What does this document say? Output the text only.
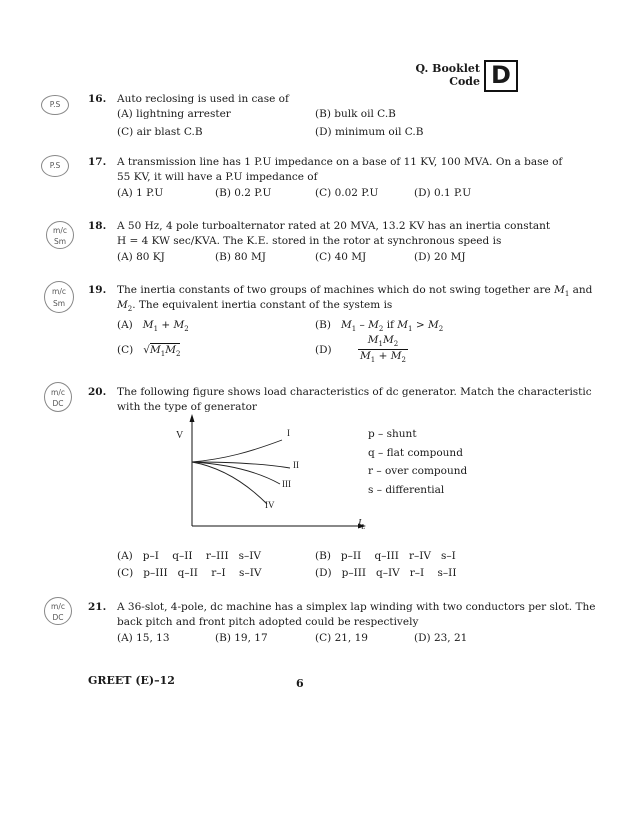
Q. Booklet
Code D
P.S
P.S
m/c
Sm
m/c
Sm
m/c
DC
m/c
DC
16. Auto reclosing is used in case of
(A) lightning arrester	(B) bulk oil C.B
(C) air blast C.B	(D) minimum oil C.B
17. A transmission line has 1 P.U impedance on a base of 11 KV, 100 MVA. On a base of
55 KV, it will have a P.U impedance of
(A) 1 P.U	(B) 0.2 P.U	(C) 0.02 P.U	(D) 0.1 P.U
18. A 50 Hz, 4 pole turboalternator rated at 20 MVA, 13.2 KV has an inertia constant
H = 4 KW sec/KVA. The K.E. stored in the rotor at synchronous speed is
(A) 80 KJ	(B) 80 MJ	(C) 40 MJ	(D) 20 MJ
19. The inertia constants of two groups of machines which do not swing together are $M_1$ and
$M_2$. The equivalent inertia constant of the system is
(A) $M_1 + M_2$	(B) $M_1 - M_2$ if $M_1 > M_2$
(C) $√M_1M_2$	(D)	$\frac{M_1M_2}{M_1 + M_2}$
20. The following figure shows load characteristics of dc generator. Match the characteristic
with the type of generator
V	I
II
III
IV
$I_L$
p – shunt
q – flat compound
r – over compound
s – differential
(A)   p–I    q–II    r–III   s–IV	(B)   p–II    q–III   r–IV   s–I
(C)   p–III   q–II    r–I    s–IV	(D)   p–III   q–IV   r–I    s–II
21. A 36-slot, 4-pole, dc machine has a simplex lap winding with two conductors per slot. The
back pitch and front pitch adopted could be respectively
(A) 15, 13	(B) 19, 17	(C) 21, 19	(D) 23, 21
GREET (E)–12	6
